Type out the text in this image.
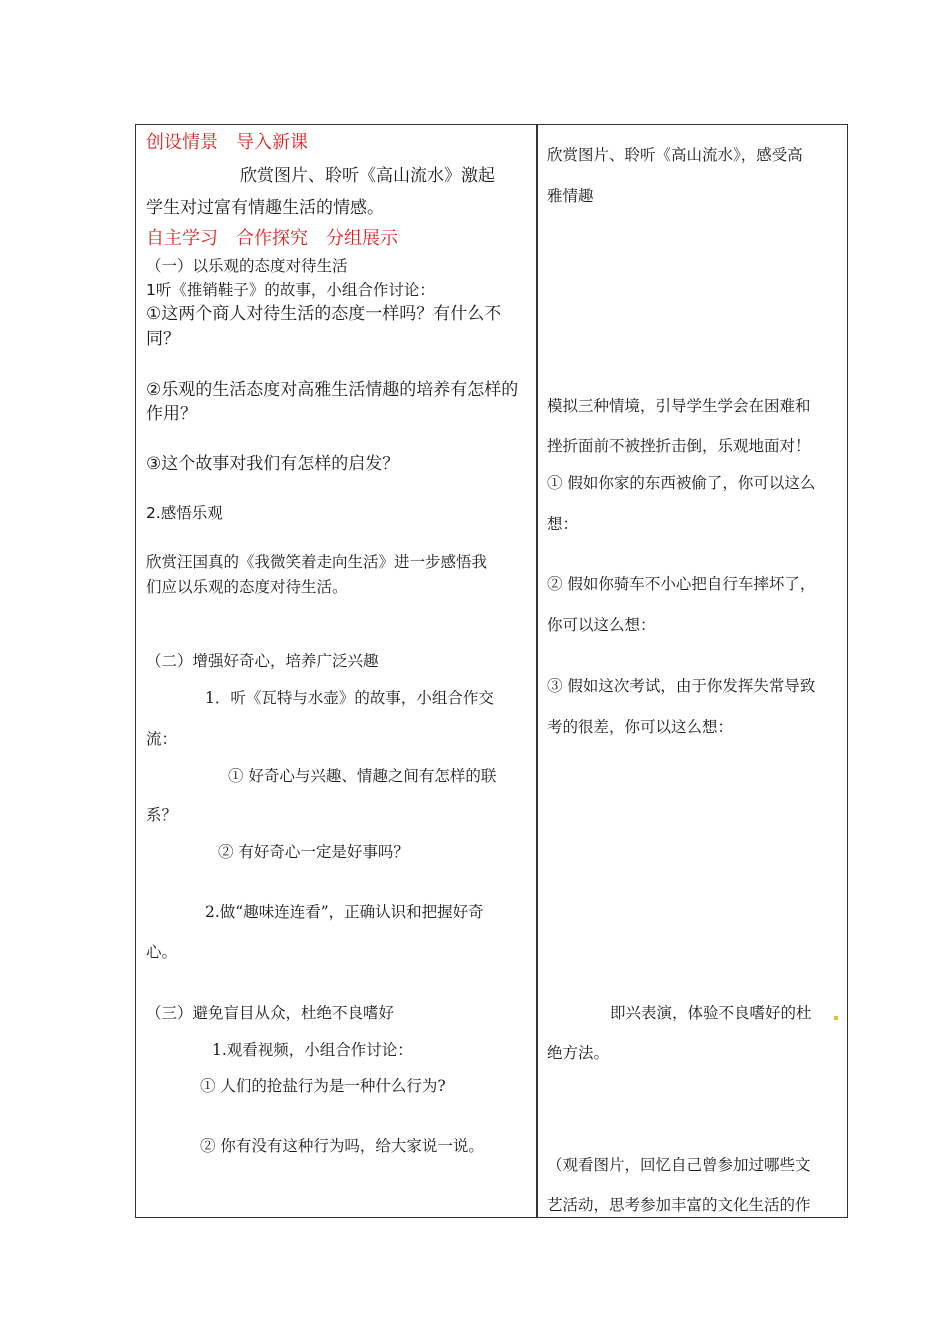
创设情景　导入新课
欣赏图片、聆听《高山流水》激起
学生对过富有情趣生活的情感。
自主学习　合作探究　分组展示
（一）以乐观的态度对待生活
1听《推销鞋子》的故事，小组合作讨论：
①这两个商人对待生活的态度一样吗？有什么不
同？
②乐观的生活态度对高雅生活情趣的培养有怎样的
作用？
③这个故事对我们有怎样的启发？
2.感悟乐观
欣赏汪国真的《我微笑着走向生活》进一步感悟我
们应以乐观的态度对待生活。
（二）增强好奇心，培养广泛兴趣
1．听《瓦特与水壶》的故事，小组合作交
流：
① 好奇心与兴趣、情趣之间有怎样的联
系？
② 有好奇心一定是好事吗？
2.做“趣味连连看”，正确认识和把握好奇
心。
（三）避免盲目从众，杜绝不良嗜好
1.观看视频，小组合作讨论：
① 人们的抢盐行为是一种什么行为?
② 你有没有这种行为吗，给大家说一说。
欣赏图片、聆听《高山流水》，感受高
雅情趣
模拟三种情境，引导学生学会在困难和
挫折面前不被挫折击倒，乐观地面对！
① 假如你家的东西被偷了，你可以这么
想：
② 假如你骑车不小心把自行车摔坏了，
你可以这么想：
③ 假如这次考试，由于你发挥失常导致
考的很差，你可以这么想：
即兴表演，体验不良嗜好的杜
绝方法。
（观看图片，回忆自己曾参加过哪些文
艺活动，思考参加丰富的文化生活的作
